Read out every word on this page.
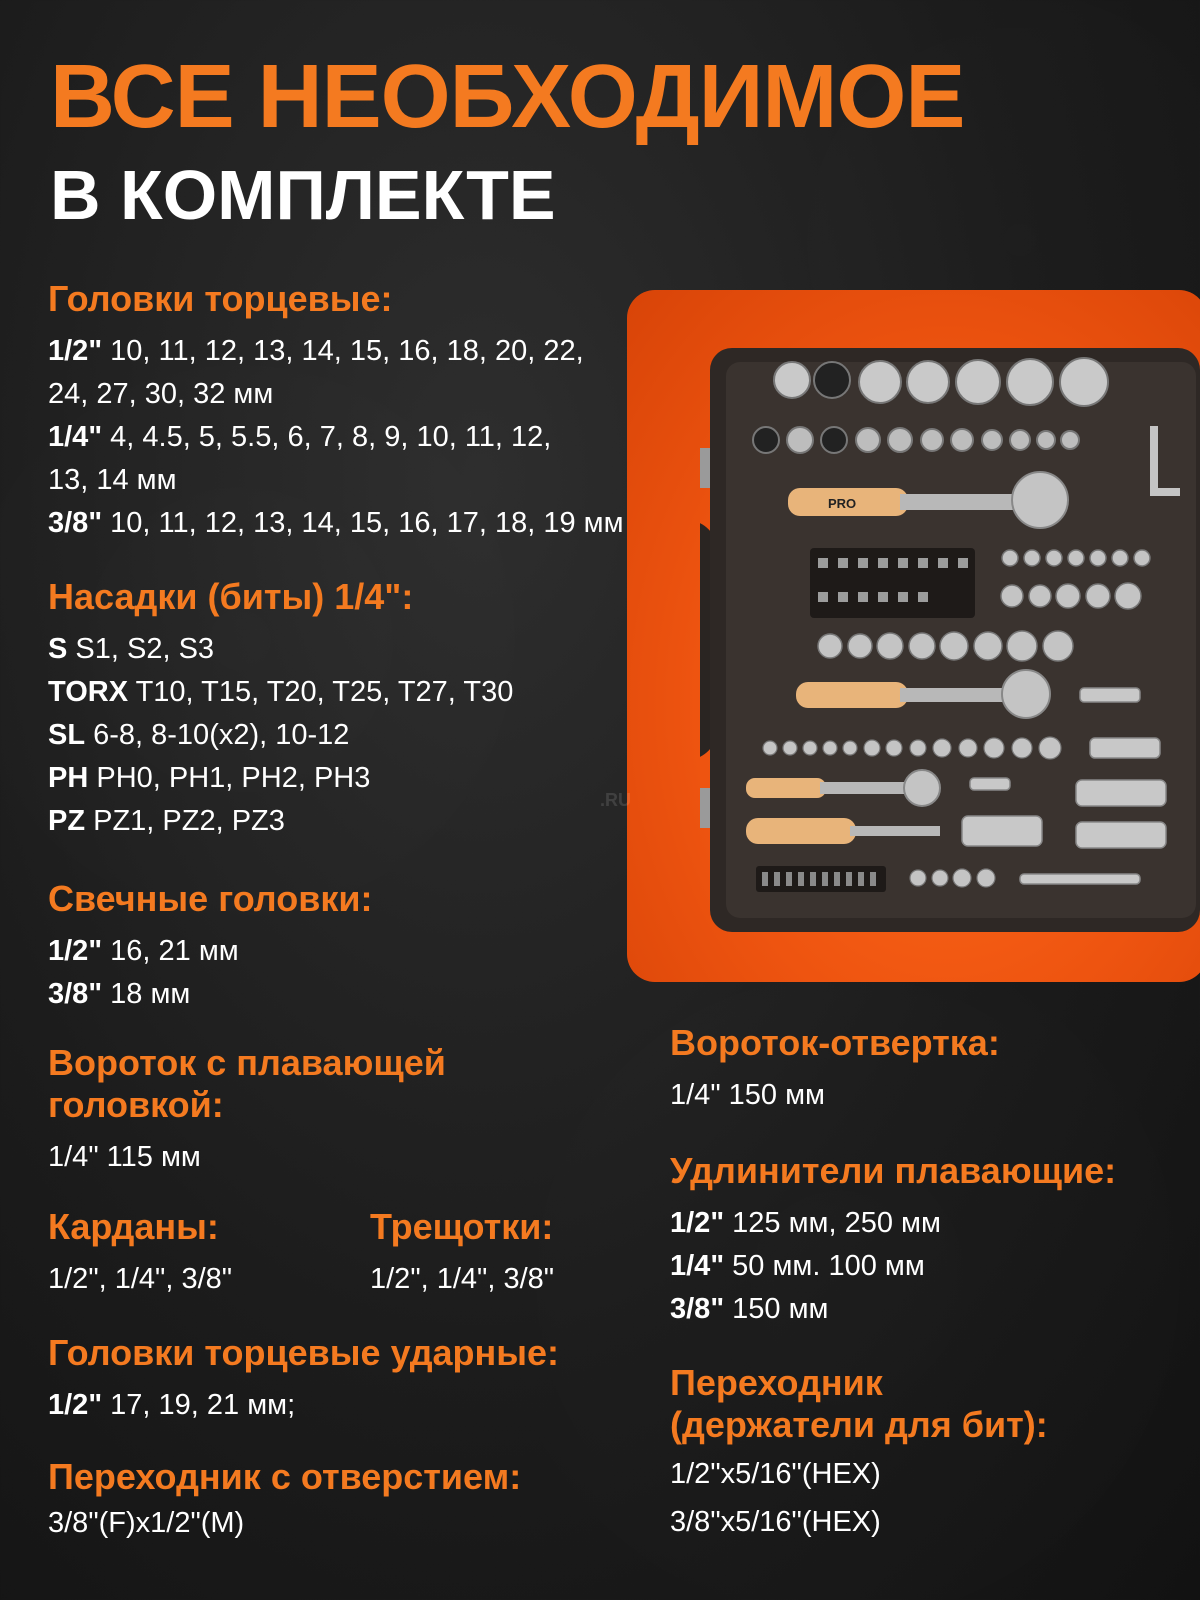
ВСЕ НЕОБХОДИМОЕ
В КОМПЛЕКТЕ
Головки торцевые:
1/2" 10, 11, 12, 13, 14, 15, 16, 18, 20, 22,
24, 27, 30, 32 мм
1/4" 4, 4.5, 5, 5.5, 6, 7, 8, 9, 10, 11, 12,
13, 14 мм
3/8" 10, 11, 12, 13, 14, 15, 16, 17, 18, 19 мм
Насадки (биты) 1/4":
S S1, S2, S3
TORX T10, T15, T20, T25, T27, T30
SL 6-8, 8-10(x2), 10-12
PH PH0, PH1, PH2, PH3
PZ PZ1, PZ2, PZ3
Свечные головки:
1/2" 16, 21 мм
3/8" 18 мм
Вороток с плавающей
головкой:
1/4" 115 мм
Карданы:
1/2", 1/4", 3/8"
Трещотки:
1/2", 1/4", 3/8"
Головки торцевые ударные:
1/2" 17, 19, 21 мм;
Переходник с отверстием:
3/8"(F)x1/2"(M)
PRO
.RU
Вороток-отвертка:
1/4" 150 мм
Удлинители плавающие:
1/2" 125 мм, 250 мм
1/4" 50 мм. 100 мм
3/8" 150 мм
Переходник
(держатели для бит):
1/2"x5/16"(HEX)
3/8"x5/16"(HEX)
